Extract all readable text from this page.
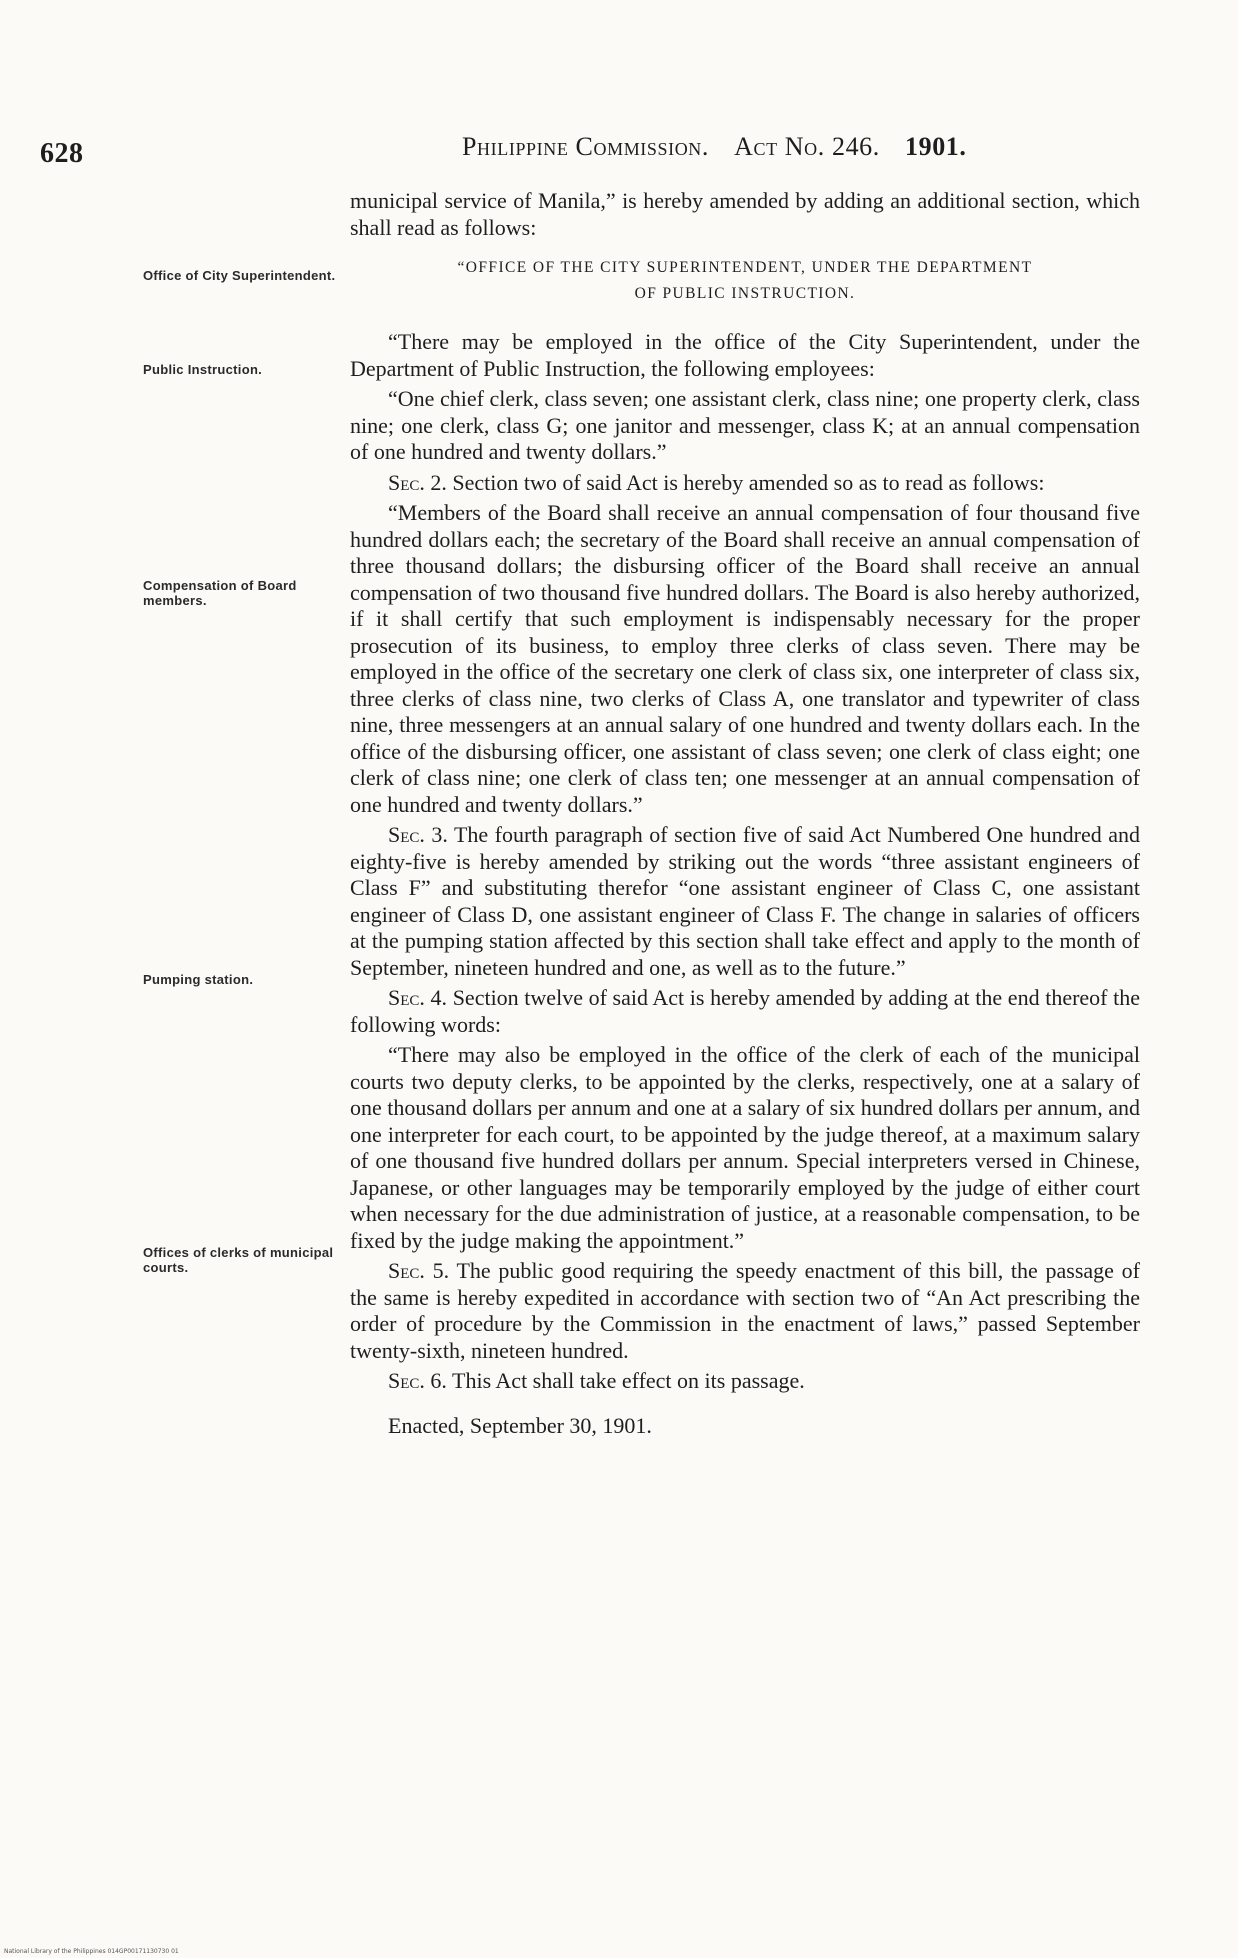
628	Philippine Commission. Act No. 246. 1901.
Office of City Superintendent.
Public Instruction.
Compensation of Board members.
Pumping station.
Offices of clerks of municipal courts.

municipal service of Manila,” is hereby amended by adding an additional section, which shall read as follows:

“OFFICE OF THE CITY SUPERINTENDENT, UNDER THE DEPARTMENT
OF PUBLIC INSTRUCTION.

“There may be employed in the office of the City Superintendent, under the Department of Public Instruction, the following employees:

“One chief clerk, class seven; one assistant clerk, class nine; one property clerk, class nine; one clerk, class G; one janitor and messenger, class K; at an annual compensation of one hundred and twenty dollars.”

Sec. 2. Section two of said Act is hereby amended so as to read as follows:

“Members of the Board shall receive an annual compensation of four thousand five hundred dollars each; the secretary of the Board shall receive an annual compensation of three thousand dollars; the disbursing officer of the Board shall receive an annual compensation of two thousand five hundred dollars. The Board is also hereby authorized, if it shall certify that such employment is indispensably necessary for the proper prosecution of its business, to employ three clerks of class seven. There may be employed in the office of the secretary one clerk of class six, one interpreter of class six, three clerks of class nine, two clerks of Class A, one translator and typewriter of class nine, three messengers at an annual salary of one hundred and twenty dollars each. In the office of the disbursing officer, one assistant of class seven; one clerk of class eight; one clerk of class nine; one clerk of class ten; one messenger at an annual compensation of one hundred and twenty dollars.”

Sec. 3. The fourth paragraph of section five of said Act Numbered One hundred and eighty-five is hereby amended by striking out the words “three assistant engineers of Class F” and substituting therefor “one assistant engineer of Class C, one assistant engineer of Class D, one assistant engineer of Class F. The change in salaries of officers at the pumping station affected by this section shall take effect and apply to the month of September, nineteen hundred and one, as well as to the future.”

Sec. 4. Section twelve of said Act is hereby amended by adding at the end thereof the following words:

“There may also be employed in the office of the clerk of each of the municipal courts two deputy clerks, to be appointed by the clerks, respectively, one at a salary of one thousand dollars per annum and one at a salary of six hundred dollars per annum, and one interpreter for each court, to be appointed by the judge thereof, at a maximum salary of one thousand five hundred dollars per annum. Special interpreters versed in Chinese, Japanese, or other languages may be temporarily employed by the judge of either court when necessary for the due administration of justice, at a reasonable compensation, to be fixed by the judge making the appointment.”

Sec. 5. The public good requiring the speedy enactment of this bill, the passage of the same is hereby expedited in accordance with section two of “An Act prescribing the order of procedure by the Commission in the enactment of laws,” passed September twenty-sixth, nineteen hundred.

Sec. 6. This Act shall take effect on its passage.

Enacted, September 30, 1901.

National Library of the Philippines 014GP00171130730 01
